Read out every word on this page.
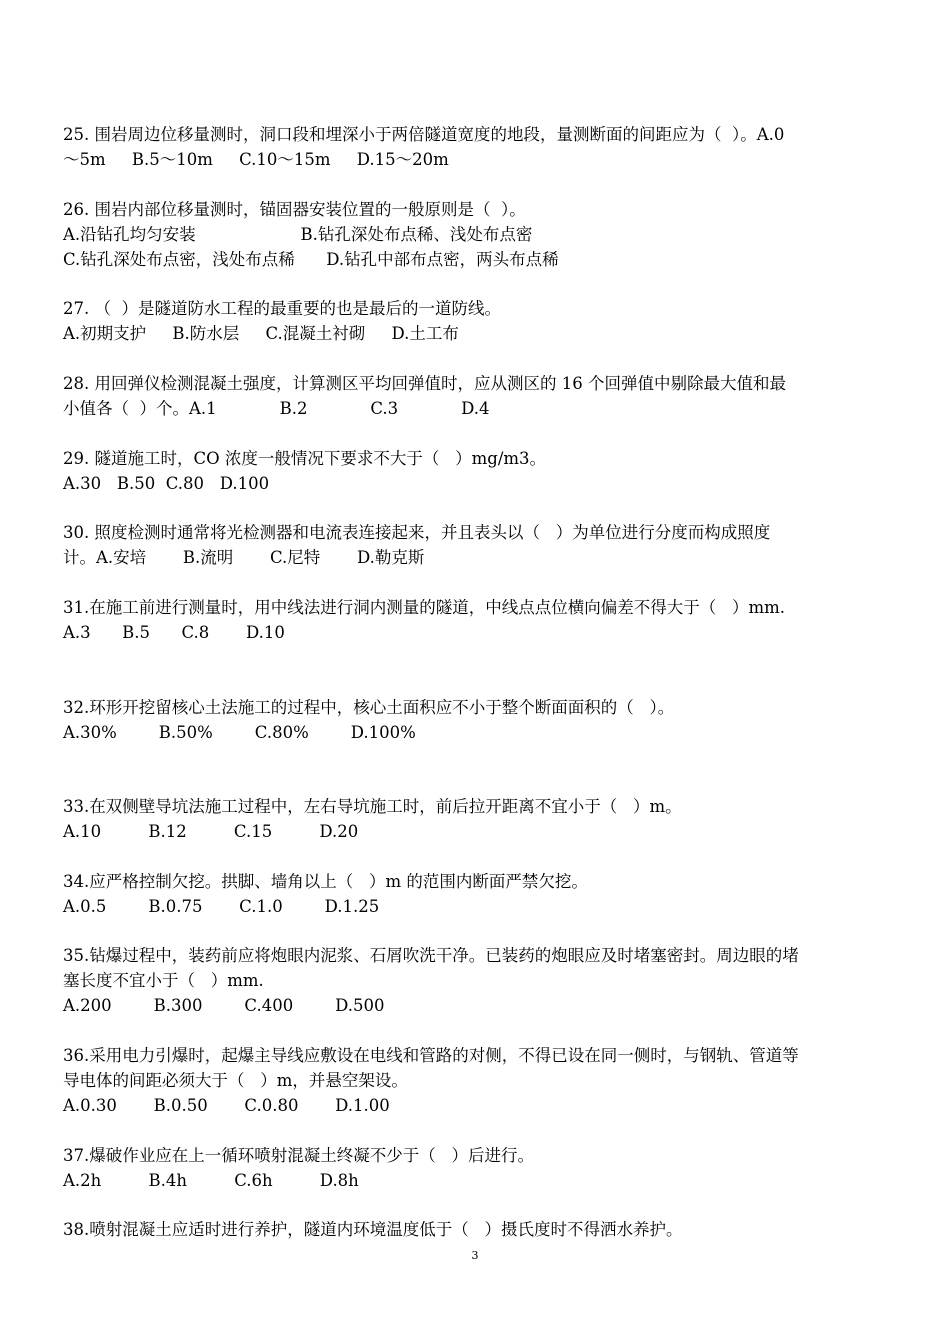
25. 围岩周边位移量测时，洞口段和埋深小于两倍隧道宽度的地段，量测断面的间距应为（  ）。A.0
～5m     B.5～10m     C.10～15m     D.15～20m
26. 围岩内部位移量测时，锚固器安装位置的一般原则是（  ）。
A.沿钻孔均匀安装                    B.钻孔深处布点稀、浅处布点密
C.钻孔深处布点密，浅处布点稀      D.钻孔中部布点密，两头布点稀
27. （  ）是隧道防水工程的最重要的也是最后的一道防线。
A.初期支护     B.防水层     C.混凝土衬砌     D.土工布
28. 用回弹仪检测混凝土强度，计算测区平均回弹值时，应从测区的 16 个回弹值中剔除最大值和最
小值各（  ）个。A.1            B.2            C.3            D.4
29. 隧道施工时，CO 浓度一般情况下要求不大于（   ）mg/m3。
A.30   B.50  C.80   D.100
30. 照度检测时通常将光检测器和电流表连接起来，并且表头以（   ）为单位进行分度而构成照度
计。A.安培       B.流明       C.尼特       D.勒克斯
31.在施工前进行测量时，用中线法进行洞内测量的隧道，中线点点位横向偏差不得大于（   ）mm.
A.3      B.5      C.8       D.10
32.环形开挖留核心土法施工的过程中，核心土面积应不小于整个断面面积的（   ）。
A.30%        B.50%        C.80%        D.100%
33.在双侧壁导坑法施工过程中，左右导坑施工时，前后拉开距离不宜小于（   ）m。
A.10         B.12         C.15         D.20
34.应严格控制欠挖。拱脚、墙角以上（   ）m 的范围内断面严禁欠挖。
A.0.5        B.0.75       C.1.0        D.1.25
35.钻爆过程中，装药前应将炮眼内泥浆、石屑吹洗干净。已装药的炮眼应及时堵塞密封。周边眼的堵
塞长度不宜小于（   ）mm.
A.200        B.300        C.400        D.500
36.采用电力引爆时，起爆主导线应敷设在电线和管路的对侧，不得已设在同一侧时，与钢轨、管道等
导电体的间距必须大于（   ）m，并悬空架设。
A.0.30       B.0.50       C.0.80       D.1.00
37.爆破作业应在上一循环喷射混凝土终凝不少于（   ）后进行。
A.2h         B.4h         C.6h         D.8h
38.喷射混凝土应适时进行养护，隧道内环境温度低于（   ）摄氏度时不得洒水养护。
3
